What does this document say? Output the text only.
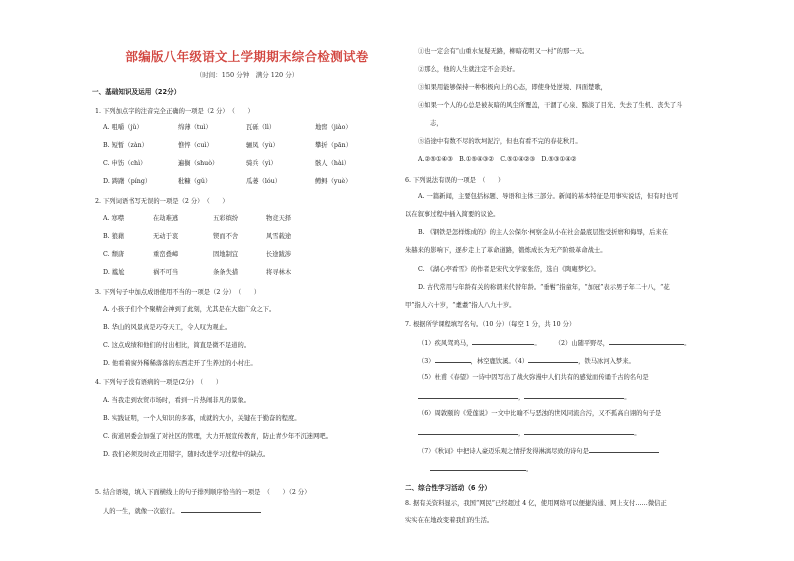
部编版八年级语文上学期期末综合检测试卷
（时间：150 分钟　满分 120 分）
一、基础知识及运用（22分）
1. 下列加点字的注音完全正确的一项是（2 分）　（　　）
A. 咀嚼（jǔ）	绵薄（tuì）	瓦砾（lì）	地窖（jiào）
B. 短暂（zàn）	憔悴（cuì）	骊凤（yù）	攀折（pān）
C. 申饬（chì）	遍搁（shuò）	骑兵（yì）	骸人（hài）
D. 踌躇（píng）	秕糠（gǔ）	瓜蒌（lóu）	鳟鲟（yuè）
2. 下列词语书写无误的一项是（2 分）　（　　）
A. 寒噤	在劫难逃	五彩缤纷	物竞天择
B. 狼藉	无动于衷	锲而不舍	风雪载途
C. 颓唐	重峦叠嶂	固地制宜	长途跋涉
D. 尴尬	祸不可当	条条失措	将寻林木
3. 下列句子中加点成语使用不当的一项是（2 分）　（　　）
A. 小孩子们个个聚精会神到了此刻，尤其是在大庭广众之下。
B. 华山的风景真是巧夺天工，令人叹为观止。
C. 这点成绩和他们的付出相比，简直是微不足道的。
D. 他看着窗外稀稀落落的东西走开了生养过的小村庄。
4. 下列句子没有语病的一项是(2分)　（　　）
A. 当我走到农贸市场时，看到一片热闹非凡的景象。
B. 实践证明，一个人知识的多寡，成就的大小，关键在于勤奋的程度。
C. 街道居委会加强了对社区的管理，大力开展宣传教育，防止青少年不沉迷网吧。
D. 我们必须及时改正用错字，随时改进学习过程中的缺点。
5. 结合语境，填入下面横线上的句子排列顺序恰当的一项是　（　　）（2 分）
人的一生，就像一次旅行。
①也一定会有“山重水复疑无路，柳暗花明又一村”的那一天。
②那么，他的人生就注定不会美好。
③如果用能够保持一种积极向上的心态，即使身处逆境、四面楚歌，
④如果一个人的心总是被灰暗的风尘所覆盖，干涸了心泉、黯淡了目光、失去了生机、丧失了斗
志，
⑤沿途中有数不尽的坎坷泥泞，但也有看不完的春花秋月。
A.②⑤①④③　B.①⑤④③②　C.⑤①④②③　D.⑤③①④②
6. 下列说法有误的一项是　（　　）
A. 一篇新闻，主要包括标题、导语和主体三部分。新闻的基本特征是用事实说话，但有时也可
以在叙事过程中插入简要的议论。
B. 《钢铁是怎样炼成的》的主人公保尔·柯察金从小在社会最底层饱受折磨和侮辱，后来在
朱赫来的影响下，逐步走上了革命道路，锻炼成长为无产阶级革命战士。
C. 《湖心亭看雪》的作者是宋代文学家张岱，选自《陶庵梦忆》。
D. 古代常用与年龄有关的称谓来代替年龄。“垂髫”指童年，“加冠”表示男子年二十八，“花
甲”指人六十岁，“耄耋”指人八九十岁。
7. 根据所学课程填写名句。（10 分）（每空 1 分，共 10 分）
（1）疾风驾鸡马，	。 （2）山随平野尽，	。
（3）	，林空鹿饮溪。（4）	，铁马冰河入梦来。
（5）杜甫《春望》一诗中因写出了战火弥漫中人们共有的感觉而传诵千古的名句是
，	。
（6）周敦颐的《爱莲说》一文中比喻不与恶浊的世风同流合污，又不孤高自诩的句子是
，	。
（7）《秋词》中把诗人豪迈乐观之情抒发得淋漓尽致的诗句是
。
二、综合性学习活动（6 分）
8. 据有关资料显示，我国“网民”已经超过 4 亿，使用网络可以便捷沟通、网上支付……微信正
实实在在地改变着我们的生活。
